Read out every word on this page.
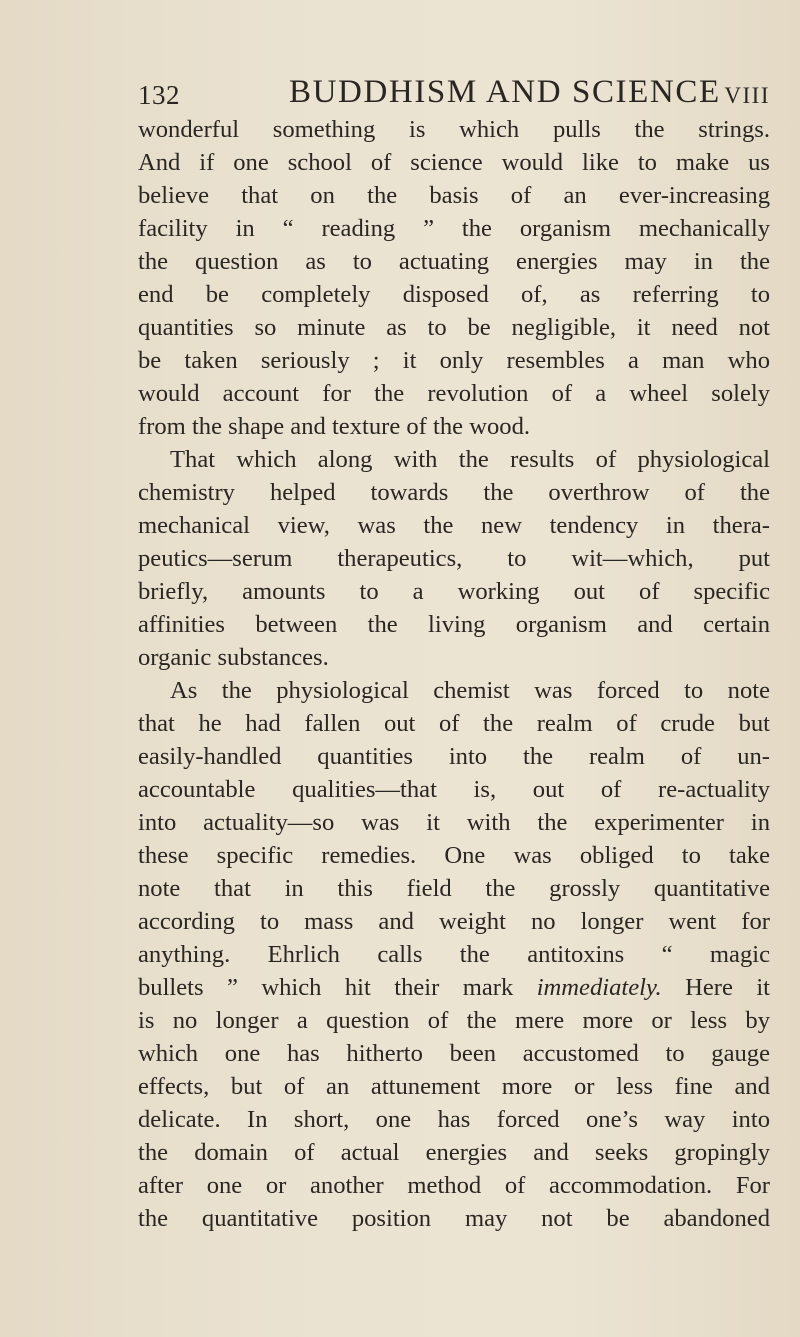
132	BUDDHISM AND SCIENCE VIII
wonderful something is which pulls the strings.
And if one school of science would like to make us
believe that on the basis of an ever-increasing
facility in “ reading ” the organism mechanically
the question as to actuating energies may in the
end be completely disposed of, as referring to
quantities so minute as to be negligible, it need not
be taken seriously ; it only resembles a man who
would account for the revolution of a wheel solely
from the shape and texture of the wood.
That which along with the results of physiological
chemistry helped towards the overthrow of the
mechanical view, was the new tendency in thera-
peutics—serum therapeutics, to wit—which, put
briefly, amounts to a working out of specific
affinities between the living organism and certain
organic substances.
As the physiological chemist was forced to note
that he had fallen out of the realm of crude but
easily-handled quantities into the realm of un-
accountable qualities—that is, out of re-actuality
into actuality—so was it with the experimenter in
these specific remedies. One was obliged to take
note that in this field the grossly quantitative
according to mass and weight no longer went for
anything. Ehrlich calls the antitoxins “ magic
bullets ” which hit their mark immediately. Here it
is no longer a question of the mere more or less by
which one has hitherto been accustomed to gauge
effects, but of an attunement more or less fine and
delicate. In short, one has forced one’s way into
the domain of actual energies and seeks gropingly
after one or another method of accommodation. For
the quantitative position may not be abandoned
